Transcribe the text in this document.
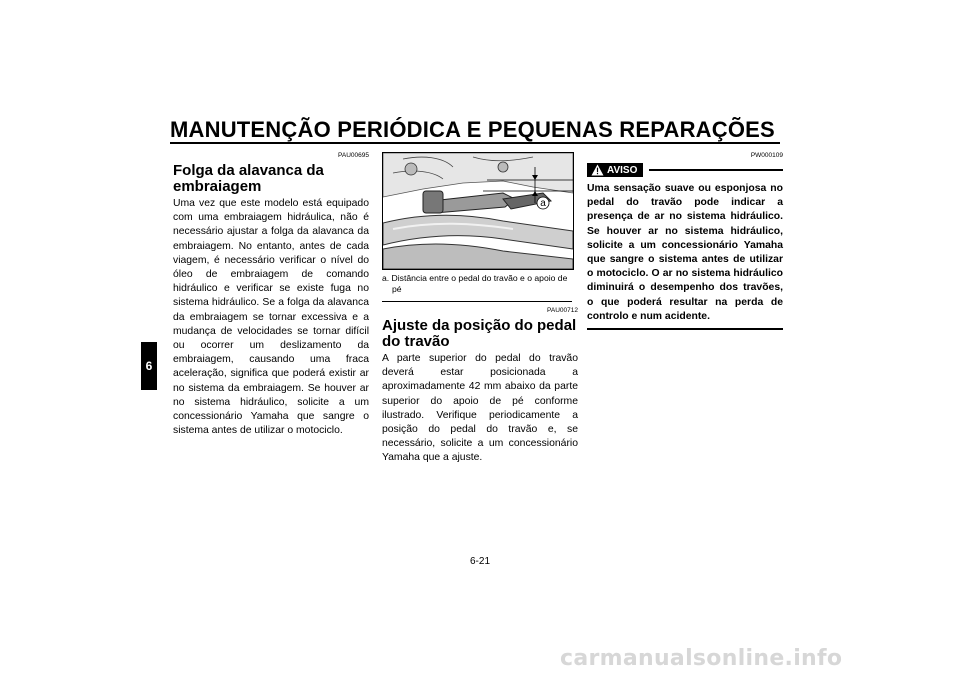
MANUTENÇÃO PERIÓDICA E PEQUENAS REPARAÇÕES
6

PAU00695

Folga da alavanca da embraiagem

Uma vez que este modelo está equipado com uma embraiagem hidráulica, não é necessário ajustar a folga da alavanca da embraiagem. No entanto, antes de cada viagem, é necessário verificar o nível do óleo de embraiagem de comando hidráulico e verificar se existe fuga no sistema hidráulico. Se a folga da alavanca da embraiagem se tornar excessiva e a mudança de velocidades se tornar difícil ou ocorrer um deslizamento da embraiagem, causando uma fraca aceleração, significa que poderá existir ar no sistema da embraiagem. Se houver ar no sistema hidráulico, solicite a um concessionário Yamaha que sangre o sistema antes de utilizar o motociclo.

a

a. Distância entre o pedal do travão e o apoio de pé

PAU00712

Ajuste da posição do pedal do travão

A parte superior do pedal do travão deverá estar posicionada a aproximadamente 42 mm abaixo da parte superior do apoio de pé conforme ilustrado. Verifique periodicamente a posição do pedal do travão e, se necessário, solicite a um concessionário Yamaha que a ajuste.

PW000109

AVISO

Uma sensação suave ou esponjosa no pedal do travão pode indicar a presença de ar no sistema hidráulico. Se houver ar no sistema hidráulico, solicite a um concessionário Yamaha que sangre o sistema antes de utilizar o motociclo. O ar no sistema hidráulico diminuirá o desempenho dos travões, o que poderá resultar na perda de controlo e num acidente.

6-21
carmanualsonline.info
